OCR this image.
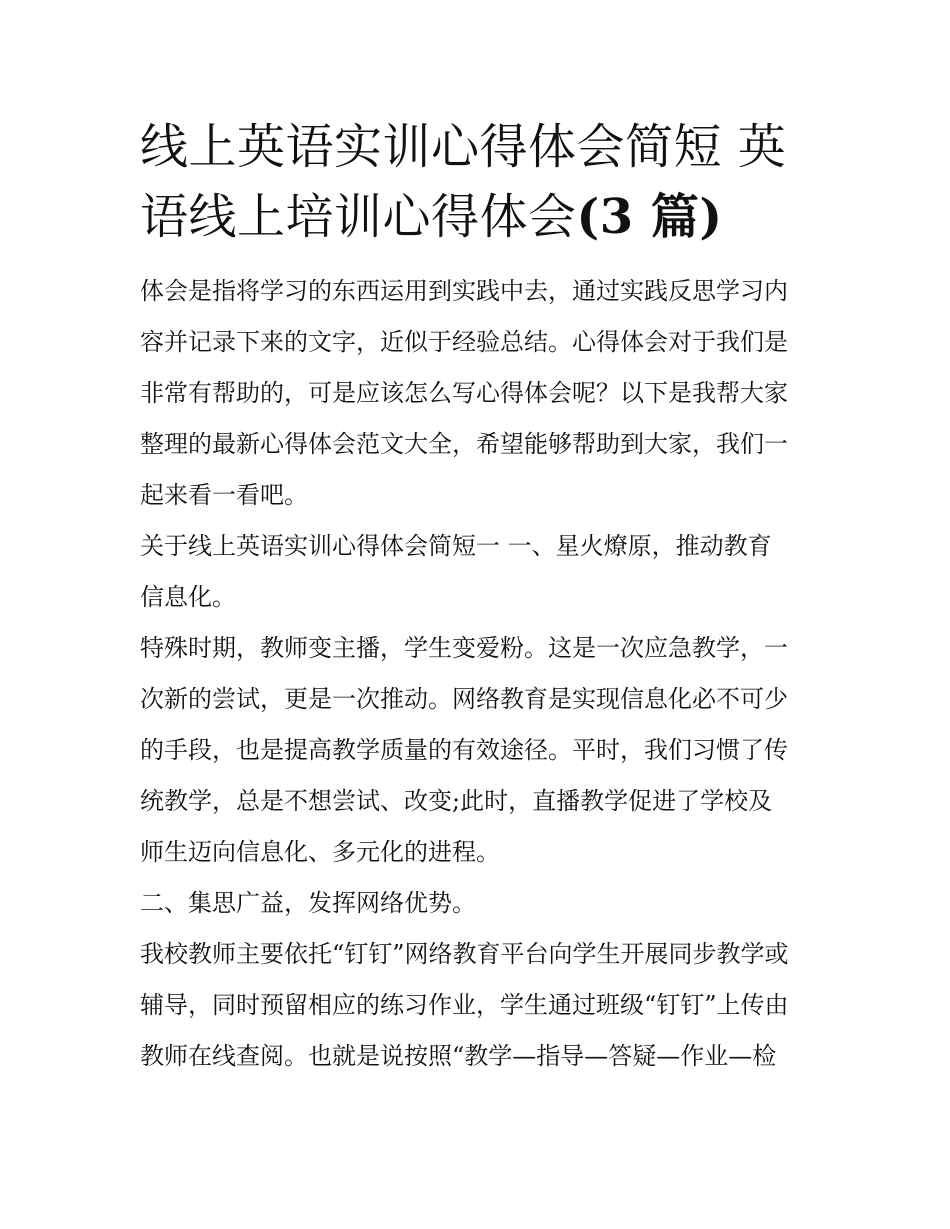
线上英语实训心得体会简短 英
语线上培训心得体会(3 篇)
体会是指将学习的东西运用到实践中去，通过实践反思学习内
容并记录下来的文字，近似于经验总结。心得体会对于我们是
非常有帮助的，可是应该怎么写心得体会呢？以下是我帮大家
整理的最新心得体会范文大全，希望能够帮助到大家，我们一
起来看一看吧。
关于线上英语实训心得体会简短一 一、星火燎原，推动教育
信息化。
特殊时期，教师变主播，学生变爱粉。这是一次应急教学，一
次新的尝试，更是一次推动。网络教育是实现信息化必不可少
的手段，也是提高教学质量的有效途径。平时，我们习惯了传
统教学，总是不想尝试、改变;此时，直播教学促进了学校及
师生迈向信息化、多元化的进程。
二、集思广益，发挥网络优势。
我校教师主要依托“钉钉”网络教育平台向学生开展同步教学或
辅导，同时预留相应的练习作业，学生通过班级“钉钉”上传由
教师在线查阅。也就是说按照“教学—指导—答疑—作业—检
